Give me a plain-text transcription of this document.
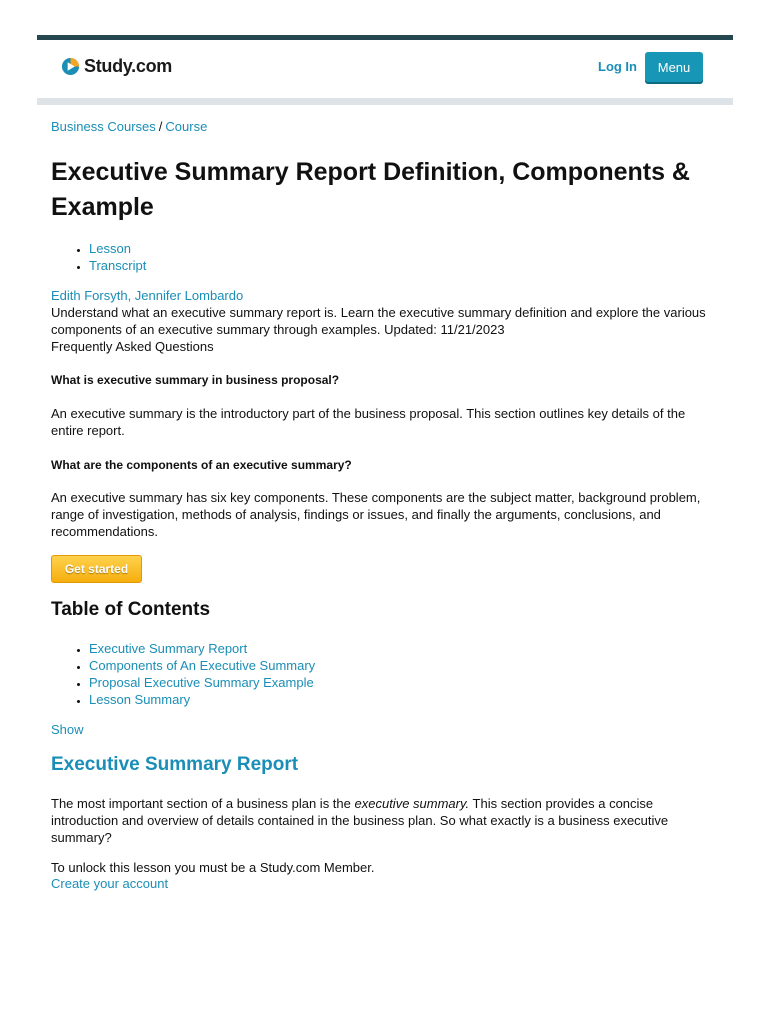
Study.com	Log In	Menu
Business Courses / Course
Executive Summary Report Definition, Components & Example
• Lesson
• Transcript
Edith Forsyth, Jennifer Lombardo
Understand what an executive summary report is. Learn the executive summary definition and explore the various components of an executive summary through examples. Updated: 11/21/2023
Frequently Asked Questions
What is executive summary in business proposal?
An executive summary is the introductory part of the business proposal. This section outlines key details of the entire report.
What are the components of an executive summary?
An executive summary has six key components. These components are the subject matter, background problem, range of investigation, methods of analysis, findings or issues, and finally the arguments, conclusions, and recommendations.
Get started
Table of Contents
• Executive Summary Report
• Components of An Executive Summary
• Proposal Executive Summary Example
• Lesson Summary
Show
Executive Summary Report
The most important section of a business plan is the executive summary. This section provides a concise introduction and overview of details contained in the business plan. So what exactly is a business executive summary?
To unlock this lesson you must be a Study.com Member.
Create your account
